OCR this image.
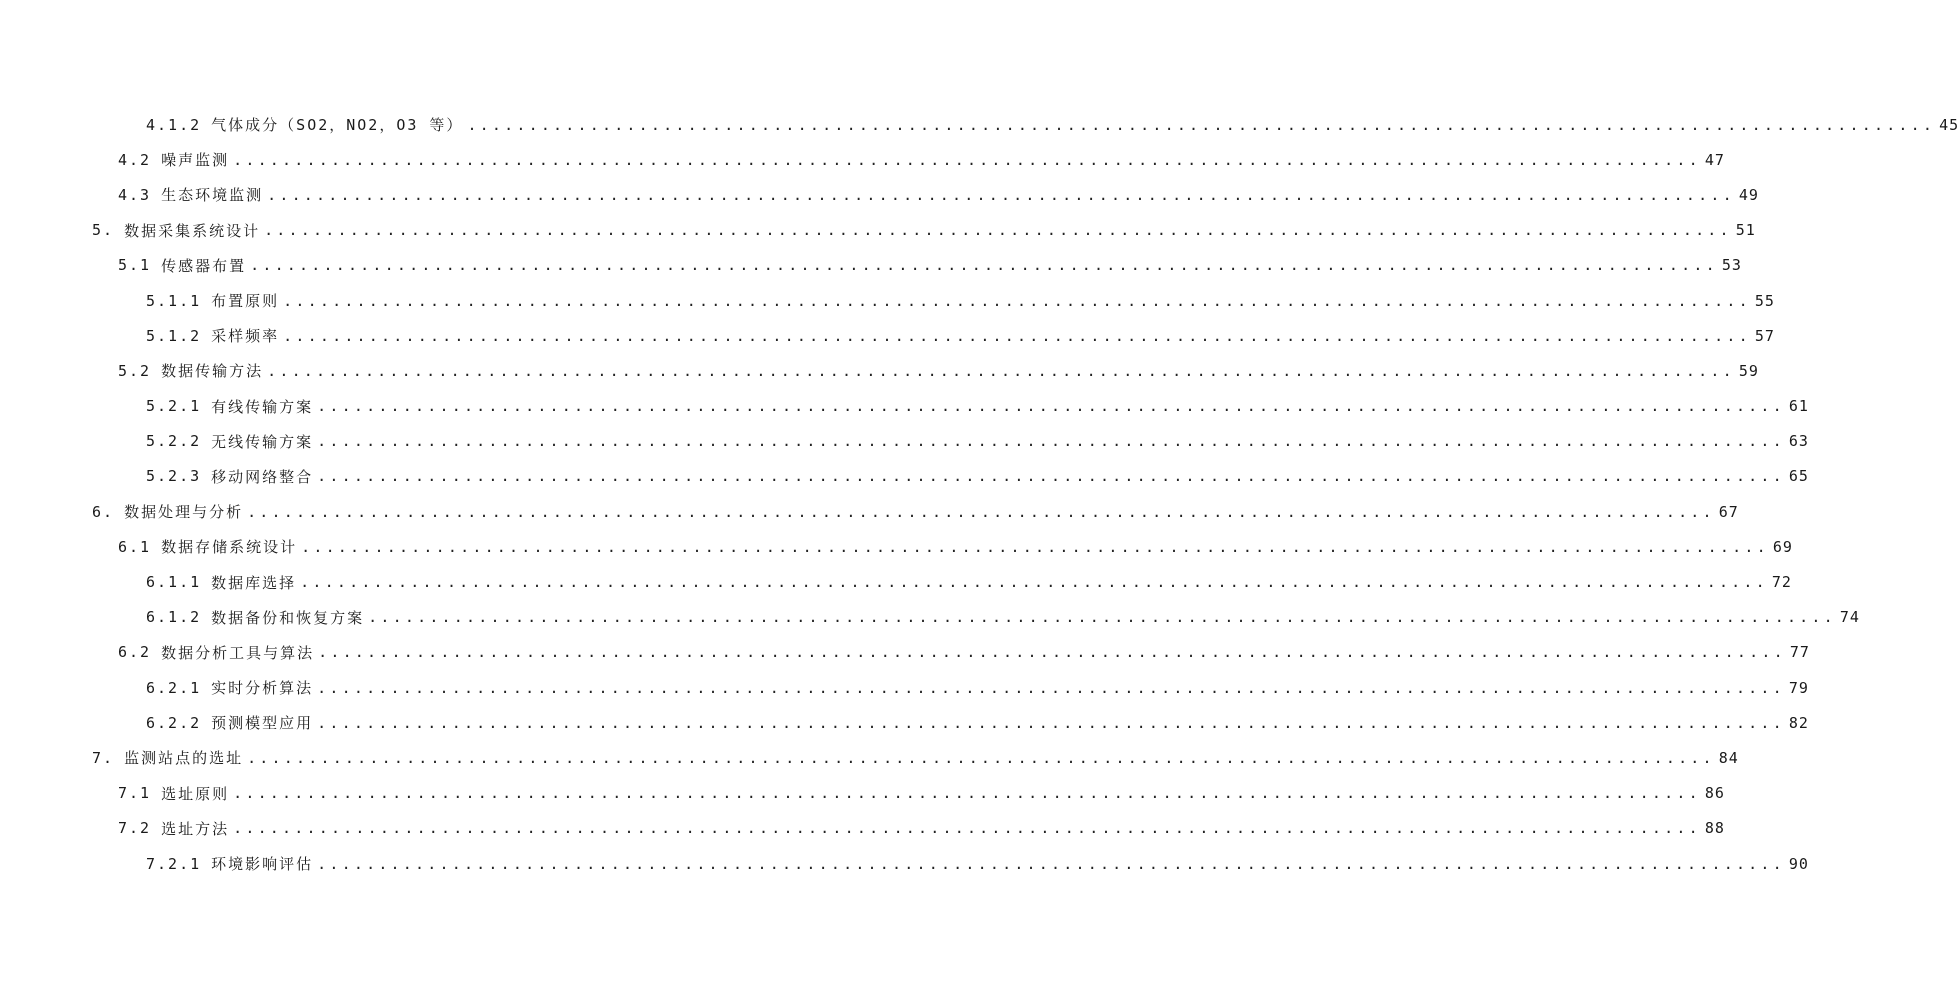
4.1.2 气体成分（SO2，NO2，O3 等） ........................................................................................................................ 45
4.2 噪声监测 ........................................................................................................................ 47
4.3 生态环境监测 ........................................................................................................................ 49
5. 数据采集系统设计 ........................................................................................................................ 51
5.1 传感器布置 ........................................................................................................................ 53
5.1.1 布置原则 ........................................................................................................................ 55
5.1.2 采样频率 ........................................................................................................................ 57
5.2 数据传输方法 ........................................................................................................................ 59
5.2.1 有线传输方案 ........................................................................................................................ 61
5.2.2 无线传输方案 ........................................................................................................................ 63
5.2.3 移动网络整合 ........................................................................................................................ 65
6. 数据处理与分析 ........................................................................................................................ 67
6.1 数据存储系统设计 ........................................................................................................................ 69
6.1.1 数据库选择 ........................................................................................................................ 72
6.1.2 数据备份和恢复方案 ........................................................................................................................ 74
6.2 数据分析工具与算法 ........................................................................................................................ 77
6.2.1 实时分析算法 ........................................................................................................................ 79
6.2.2 预测模型应用 ........................................................................................................................ 82
7. 监测站点的选址 ........................................................................................................................ 84
7.1 选址原则 ........................................................................................................................ 86
7.2 选址方法 ........................................................................................................................ 88
7.2.1 环境影响评估 ........................................................................................................................ 90
